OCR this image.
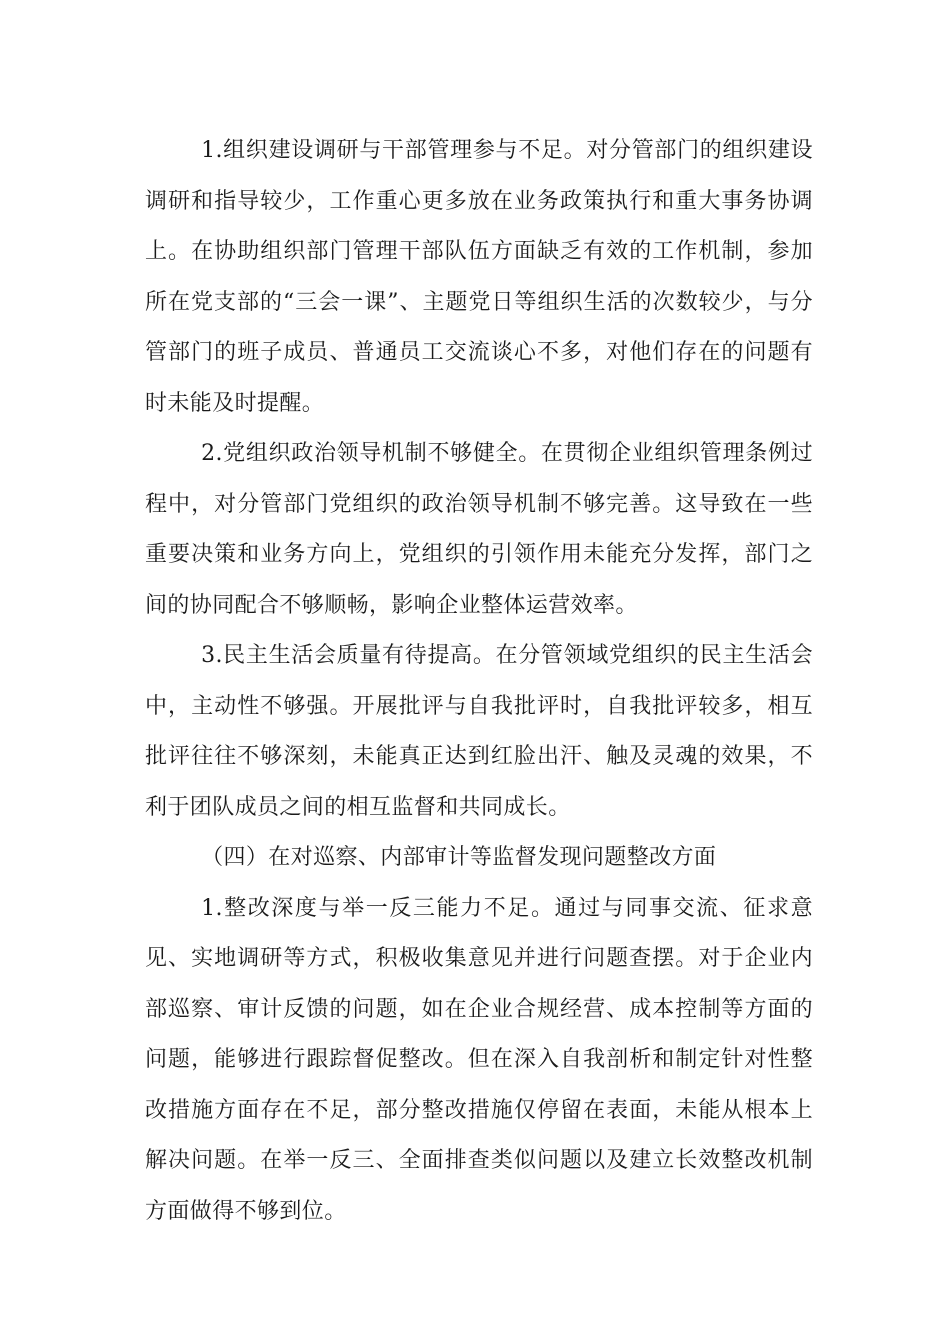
1.组织建设调研与干部管理参与不足。对分管部门的组织建设调研和指导较少，工作重心更多放在业务政策执行和重大事务协调上。在协助组织部门管理干部队伍方面缺乏有效的工作机制，参加所在党支部的“三会一课”、主题党日等组织生活的次数较少，与分管部门的班子成员、普通员工交流谈心不多，对他们存在的问题有时未能及时提醒。

2.党组织政治领导机制不够健全。在贯彻企业组织管理条例过程中，对分管部门党组织的政治领导机制不够完善。这导致在一些重要决策和业务方向上，党组织的引领作用未能充分发挥，部门之间的协同配合不够顺畅，影响企业整体运营效率。

3.民主生活会质量有待提高。在分管领域党组织的民主生活会中，主动性不够强。开展批评与自我批评时，自我批评较多，相互批评往往不够深刻，未能真正达到红脸出汗、触及灵魂的效果，不利于团队成员之间的相互监督和共同成长。

（四）在对巡察、内部审计等监督发现问题整改方面

1.整改深度与举一反三能力不足。通过与同事交流、征求意见、实地调研等方式，积极收集意见并进行问题查摆。对于企业内部巡察、审计反馈的问题，如在企业合规经营、成本控制等方面的问题，能够进行跟踪督促整改。但在深入自我剖析和制定针对性整改措施方面存在不足，部分整改措施仅停留在表面，未能从根本上解决问题。在举一反三、全面排查类似问题以及建立长效整改机制方面做得不够到位。
